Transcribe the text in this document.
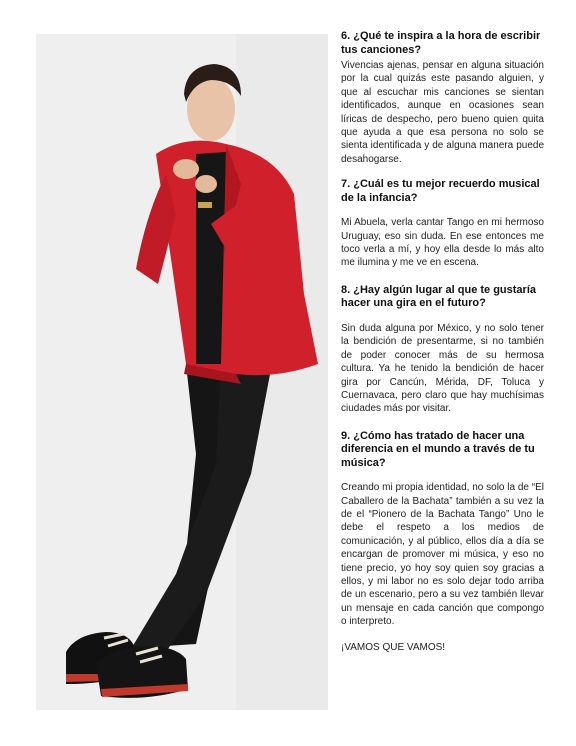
6. ¿Qué te inspira a la hora de escribir tus canciones?

Vivencias ajenas, pensar en alguna situación por la cual quizás este pasando alguien, y que al escuchar mis canciones se sientan identificados, aunque en ocasiones sean líricas de despecho, pero bueno quien quita que ayuda a que esa persona no solo se sienta identificada y de alguna manera puede desahogarse.

7. ¿Cuál es tu mejor recuerdo musical de la infancia?

Mi Abuela, verla cantar Tango en mi hermoso Uruguay, eso sin duda. En ese entonces me toco verla a mí, y hoy ella desde lo más alto me ilumina y me ve en escena.

8. ¿Hay algún lugar al que te gustaría hacer una gira en el futuro?

Sin duda alguna por México, y no solo tener la bendición de presentarme, si no también de poder conocer más de su hermosa cultura. Ya he tenido la bendición de hacer gira por Cancún, Mérida, DF, Toluca y Cuernavaca, pero claro que hay muchísimas ciudades más por visitar.

9. ¿Cómo has tratado de hacer una diferencia en el mundo a través de tu música?

Creando mi propia identidad, no solo la de “El Caballero de la Bachata” también a su vez la de el “Pionero de la Bachata Tango” Uno le debe el respeto a los medios de comunicación, y al público, ellos día a día se encargan de promover mi música, y eso no tiene precio, yo hoy soy quien soy gracias a ellos, y mi labor no es solo dejar todo arriba de un escenario, pero a su vez también llevar un mensaje en cada canción que compongo o interpreto.

¡VAMOS QUE VAMOS!
